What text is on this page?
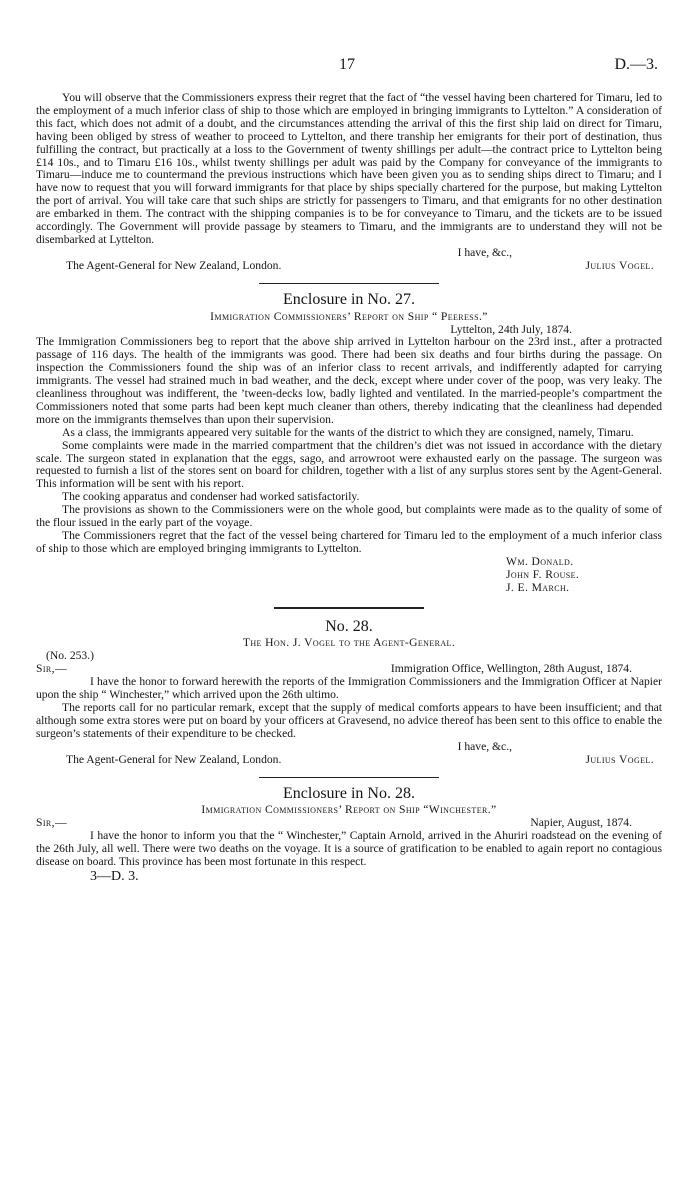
17	D.—3.

You will observe that the Commissioners express their regret that the fact of “the vessel having been chartered for Timaru, led to the employment of a much inferior class of ship to those which are employed in bringing immigrants to Lyttelton.” A consideration of this fact, which does not admit of a doubt, and the circumstances attending the arrival of this the first ship laid on direct for Timaru, having been obliged by stress of weather to proceed to Lyttelton, and there tranship her emigrants for their port of destination, thus fulfilling the contract, but practically at a loss to the Government of twenty shillings per adult—the contract price to Lyttelton being £14 10s., and to Timaru £16 10s., whilst twenty shillings per adult was paid by the Company for conveyance of the immigrants to Timaru—induce me to countermand the previous instructions which have been given you as to sending ships direct to Timaru; and I have now to request that you will forward immigrants for that place by ships specially chartered for the purpose, but making Lyttelton the port of arrival. You will take care that such ships are strictly for passengers to Timaru, and that emigrants for no other destination are embarked in them. The contract with the shipping companies is to be for conveyance to Timaru, and the tickets are to be issued accordingly. The Government will provide passage by steamers to Timaru, and the immigrants are to understand they will not be disembarked at Lyttelton.

I have, &c.,

The Agent-General for New Zealand, London.	Julius Vogel.
Enclosure in No. 27.
Immigration Commissioners’ Report on Ship “ Peeress.”

Lyttelton, 24th July, 1874.

The Immigration Commissioners beg to report that the above ship arrived in Lyttelton harbour on the 23rd inst., after a protracted passage of 116 days. The health of the immigrants was good. There had been six deaths and four births during the passage. On inspection the Commissioners found the ship was of an inferior class to recent arrivals, and indifferently adapted for carrying immigrants. The vessel had strained much in bad weather, and the deck, except where under cover of the poop, was very leaky. The cleanliness throughout was indifferent, the ’tween-decks low, badly lighted and ventilated. In the married-people’s compartment the Commissioners noted that some parts had been kept much cleaner than others, thereby indicating that the cleanliness had depended more on the immigrants themselves than upon their supervision.

As a class, the immigrants appeared very suitable for the wants of the district to which they are consigned, namely, Timaru.

Some complaints were made in the married compartment that the children’s diet was not issued in accordance with the dietary scale. The surgeon stated in explanation that the eggs, sago, and arrowroot were exhausted early on the passage. The surgeon was requested to furnish a list of the stores sent on board for children, together with a list of any surplus stores sent by the Agent-General. This information will be sent with his report.

The cooking apparatus and condenser had worked satisfactorily.

The provisions as shown to the Commissioners were on the whole good, but complaints were made as to the quality of some of the flour issued in the early part of the voyage.

The Commissioners regret that the fact of the vessel being chartered for Timaru led to the employment of a much inferior class of ship to those which are employed bringing immigrants to Lyttelton.

Wm. Donald.
John F. Rouse.
J. E. March.
No. 28.
The Hon. J. Vogel to the Agent-General.

(No. 253.)

Sir,—	Immigration Office, Wellington, 28th August, 1874.

I have the honor to forward herewith the reports of the Immigration Commissioners and the Immigration Officer at Napier upon the ship “ Winchester,” which arrived upon the 26th ultimo.

The reports call for no particular remark, except that the supply of medical comforts appears to have been insufficient; and that although some extra stores were put on board by your officers at Gravesend, no advice thereof has been sent to this office to enable the surgeon’s statements of their expenditure to be checked.

I have, &c.,

The Agent-General for New Zealand, London.	Julius Vogel.
Enclosure in No. 28.
Immigration Commissioners’ Report on Ship “Winchester.”
Sir,—	Napier, August, 1874.

I have the honor to inform you that the “ Winchester,” Captain Arnold, arrived in the Ahuriri roadstead on the evening of the 26th July, all well. There were two deaths on the voyage. It is a source of gratification to be enabled to again report no contagious disease on board. This province has been most fortunate in this respect.

3—D. 3.
